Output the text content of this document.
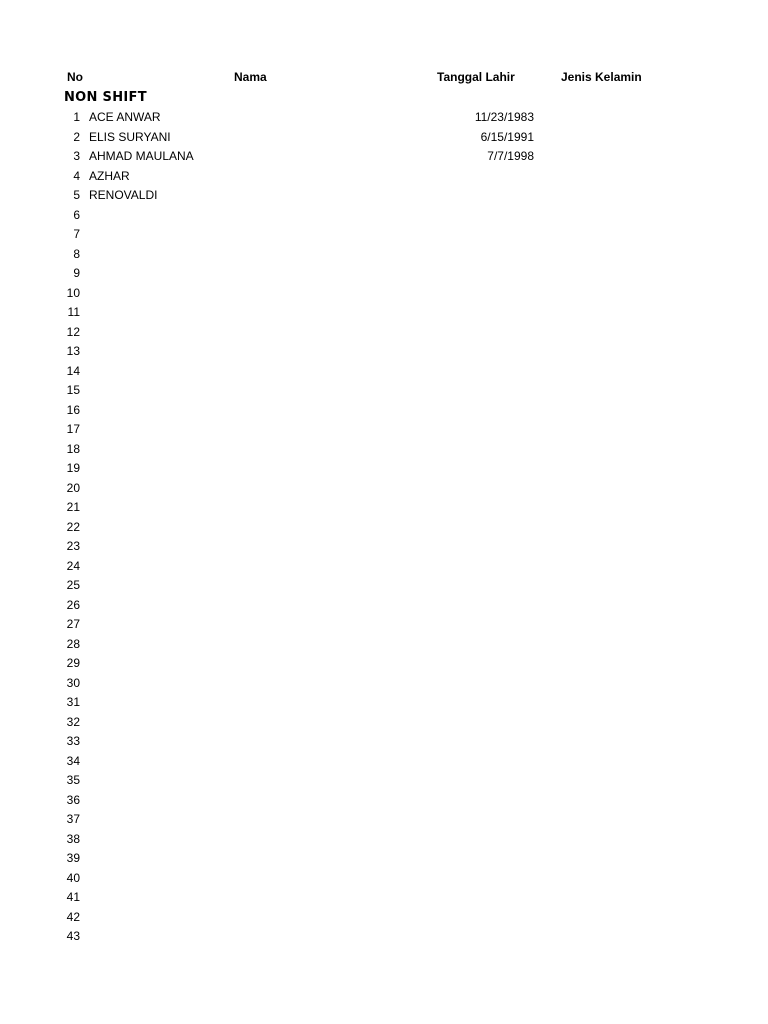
No	Nama	Tanggal Lahir	Jenis Kelamin
NON SHIFT
1 ACE ANWAR	11/23/1983
2 ELIS SURYANI	6/15/1991
3 AHMAD MAULANA	7/7/1998
4 AZHAR
5 RENOVALDI
6
7
8
9
10
11
12
13
14
15
16
17
18
19
20
21
22
23
24
25
26
27
28
29
30
31
32
33
34
35
36
37
38
39
40
41
42
43
